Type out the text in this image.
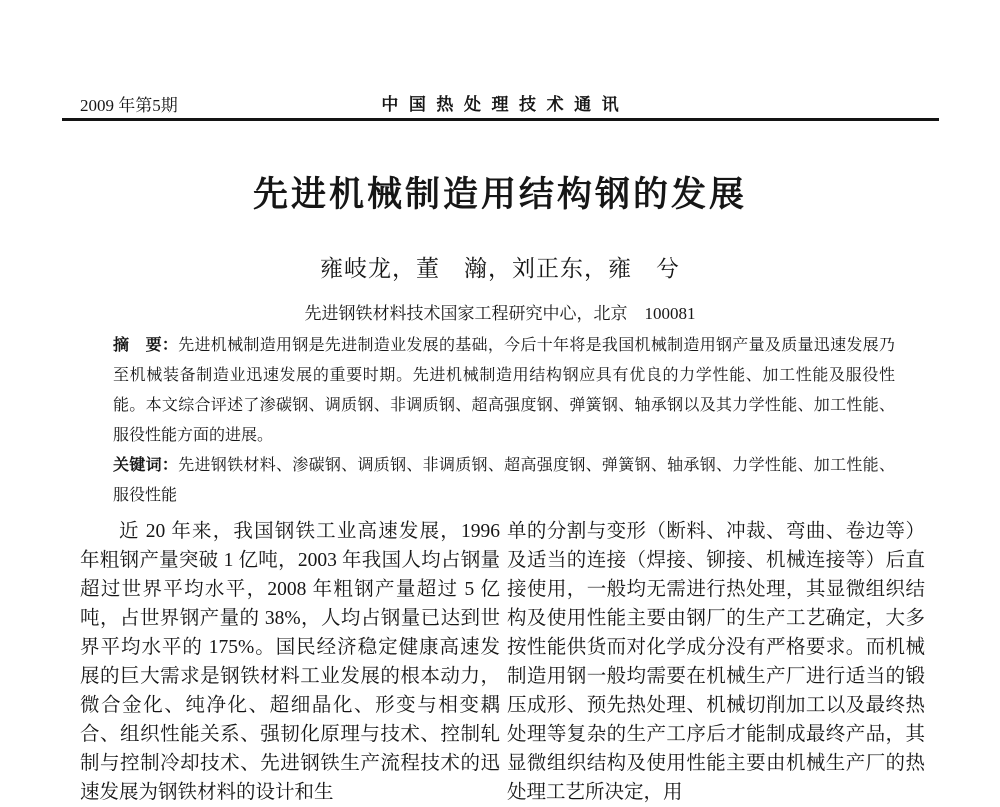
2009 年第5期	中国热处理技术通讯
先进机械制造用结构钢的发展
雍岐龙，董　瀚，刘正东，雍　兮
先进钢铁材料技术国家工程研究中心，北京　100081

摘　要：先进机械制造用钢是先进制造业发展的基础，今后十年将是我国机械制造用钢产量及质量迅速发展乃至机械装备制造业迅速发展的重要时期。先进机械制造用结构钢应具有优良的力学性能、加工性能及服役性能。本文综合评述了渗碳钢、调质钢、非调质钢、超高强度钢、弹簧钢、轴承钢以及其力学性能、加工性能、服役性能方面的进展。

关键词：先进钢铁材料、渗碳钢、调质钢、非调质钢、超高强度钢、弹簧钢、轴承钢、力学性能、加工性能、服役性能

近 20 年来，我国钢铁工业高速发展，1996 年粗钢产量突破 1 亿吨，2003 年我国人均占钢量超过世界平均水平，2008 年粗钢产量超过 5 亿吨，占世界钢产量的 38%，人均占钢量已达到世界平均水平的 175%。国民经济稳定健康高速发展的巨大需求是钢铁材料工业发展的根本动力，微合金化、纯净化、超细晶化、形变与相变耦合、组织性能关系、强韧化原理与技术、控制轧制与控制冷却技术、先进钢铁生产流程技术的迅速发展为钢铁材料的设计和生

单的分割与变形（断料、冲裁、弯曲、卷边等）及适当的连接（焊接、铆接、机械连接等）后直接使用，一般均无需进行热处理，其显微组织结构及使用性能主要由钢厂的生产工艺确定，大多按性能供货而对化学成分没有严格要求。而机械制造用钢一般均需要在机械生产厂进行适当的锻压成形、预先热处理、机械切削加工以及最终热处理等复杂的生产工序后才能制成最终产品，其显微组织结构及使用性能主要由机械生产厂的热处理工艺所决定，用
